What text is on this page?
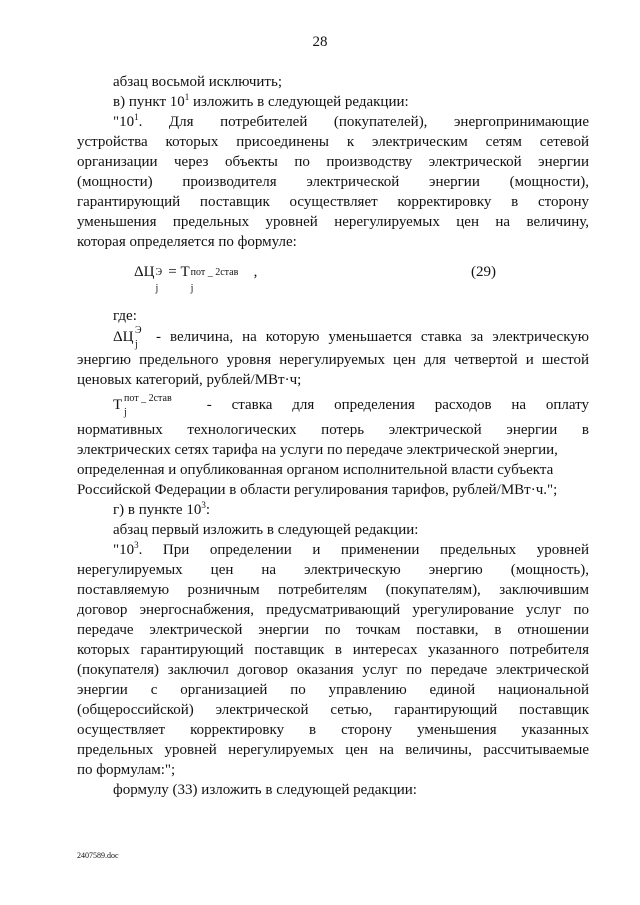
28
абзац восьмой исключить;
в) пункт $10^1$ изложить в следующей редакции:
"$10^1$. Для потребителей (покупателей), энергопринимающие
устройства которых присоединены к электрическим сетям сетевой
организации через объекты по производству электрической энергии
(мощности) производителя электрической энергии (мощности),
гарантирующий поставщик осуществляет корректировку в сторону
уменьшения предельных уровней нерегулируемых цен на величину,
которая определяется по формуле:
ΔЦ Э
j
= T пот _ 2став
j
,	(29)
где:
ΔЦ Э
j - величина, на которую уменьшается ставка за электрическую
энергию предельного уровня нерегулируемых цен для четвертой и шестой
ценовых категорий, рублей/МВт·ч;
T пот _ 2став
j	- ставка для определения расходов на оплату
нормативных технологических потерь электрической энергии в
электрических сетях тарифа на услуги по передаче электрической энергии,
определенная и опубликованная органом исполнительной власти субъекта
Российской Федерации в области регулирования тарифов, рублей/МВт·ч.";
г) в пункте $10^3$:
абзац первый изложить в следующей редакции:
"$10^3$. При определении и применении предельных уровней
нерегулируемых цен на электрическую энергию (мощность),
поставляемую розничным потребителям (покупателям), заключившим
договор энергоснабжения, предусматривающий урегулирование услуг по
передаче электрической энергии по точкам поставки, в отношении
которых гарантирующий поставщик в интересах указанного потребителя
(покупателя) заключил договор оказания услуг по передаче электрической
энергии с организацией по управлению единой национальной
(общероссийской) электрической сетью, гарантирующий поставщик
осуществляет корректировку в сторону уменьшения указанных
предельных уровней нерегулируемых цен на величины, рассчитываемые
по формулам:";
формулу (33) изложить в следующей редакции:
2407589.doc
